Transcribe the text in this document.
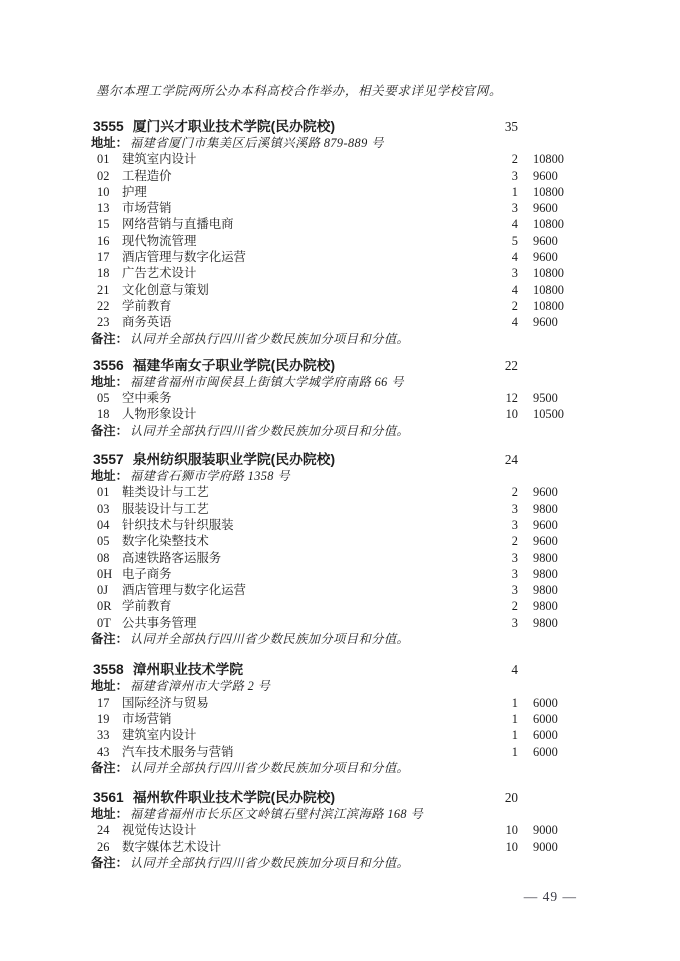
墨尔本理工学院两所公办本科高校合作举办，相关要求详见学校官网。

3555 厦门兴才职业技术学院(民办院校)	35
地址： 福建省厦门市集美区后溪镇兴溪路 879-889 号
01 建筑室内设计	2	10800
02 工程造价	3	9600
10 护理	1	10800
13 市场营销	3	9600
15 网络营销与直播电商	4	10800
16 现代物流管理	5	9600
17 酒店管理与数字化运营	4	9600
18 广告艺术设计	3	10800
21 文化创意与策划	4	10800
22 学前教育	2	10800
23 商务英语	4	9600
备注： 认同并全部执行四川省少数民族加分项目和分值。
3556 福建华南女子职业学院(民办院校)	22
地址： 福建省福州市闽侯县上街镇大学城学府南路 66 号
05 空中乘务	12	9500
18 人物形象设计	10	10500
备注： 认同并全部执行四川省少数民族加分项目和分值。
3557 泉州纺织服装职业学院(民办院校)	24
地址： 福建省石狮市学府路 1358 号
01 鞋类设计与工艺	2	9600
03 服装设计与工艺	3	9800
04 针织技术与针织服装	3	9600
05 数字化染整技术	2	9600
08 高速铁路客运服务	3	9800
0H 电子商务	3	9800
0J 酒店管理与数字化运营	3	9800
0R 学前教育	2	9800
0T 公共事务管理	3	9800
备注： 认同并全部执行四川省少数民族加分项目和分值。
3558 漳州职业技术学院	4
地址： 福建省漳州市大学路 2 号
17 国际经济与贸易	1	6000
19 市场营销	1	6000
33 建筑室内设计	1	6000
43 汽车技术服务与营销	1	6000
备注： 认同并全部执行四川省少数民族加分项目和分值。
3561 福州软件职业技术学院(民办院校)	20
地址： 福建省福州市长乐区文岭镇石壁村滨江滨海路 168 号
24 视觉传达设计	10	9000
26 数字媒体艺术设计	10	9000
备注： 认同并全部执行四川省少数民族加分项目和分值。
— 49 —
